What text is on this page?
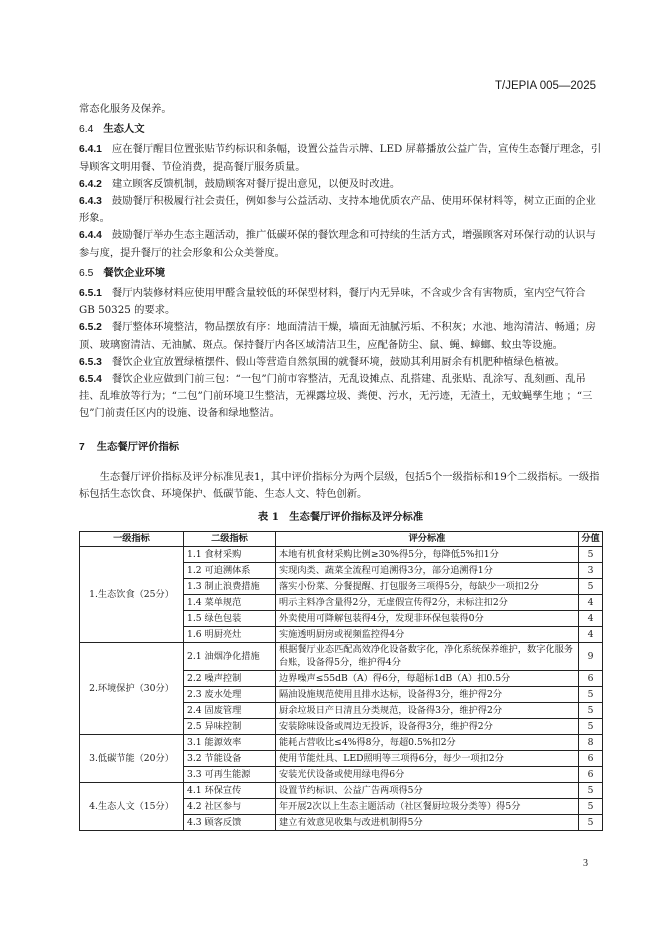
T/JEPIA 005—2025

常态化服务及保养。

6.4 生态人文

6.4.1 应在餐厅醒目位置张贴节约标识和条幅，设置公益告示牌、LED 屏幕播放公益广告，宣传生态餐厅理念，引导顾客文明用餐、节俭消费，提高餐厅服务质量。

6.4.2 建立顾客反馈机制，鼓励顾客对餐厅提出意见，以便及时改进。

6.4.3 鼓励餐厅积极履行社会责任，例如参与公益活动、支持本地优质农产品、使用环保材料等，树立正面的企业形象。

6.4.4 鼓励餐厅举办生态主题活动，推广低碳环保的餐饮理念和可持续的生活方式，增强顾客对环保行动的认识与参与度，提升餐厅的社会形象和公众美誉度。

6.5 餐饮企业环境

6.5.1 餐厅内装修材料应使用甲醛含量较低的环保型材料，餐厅内无异味，不含或少含有害物质，室内空气符合 GB 50325 的要求。

6.5.2 餐厅整体环境整洁，物品摆放有序：地面清洁干燥，墙面无油腻污垢、不积灰；水池、地沟清洁、畅通；房顶、玻璃窗清洁、无油腻、斑点。保持餐厅内各区域清洁卫生，应配备防尘、鼠、蝇、蟑螂、蚊虫等设施。

6.5.3 餐饮企业宜放置绿植摆件、假山等营造自然氛围的就餐环境，鼓励其利用厨余有机肥种植绿色植被。

6.5.4 餐饮企业应做到门前三包：“一包”门前市容整洁，无乱设摊点、乱搭建、乱张贴、乱涂写、乱刻画、乱吊挂、乱堆放等行为；“二包”门前环境卫生整洁，无裸露垃圾、粪便、污水，无污迹，无渣土，无蚊蝇孳生地 ；“三包”门前责任区内的设施、设备和绿地整洁。

7 生态餐厅评价指标

生态餐厅评价指标及评分标准见表1，其中评价指标分为两个层级，包括5个一级指标和19个二级指标。一级指标包括生态饮食、环境保护、低碳节能、生态人文、特色创新。

表 1　生态餐厅评价指标及评分标准
一级指标	二级指标	评分标准	分值
1.生态饮食（25分）	1.1 食材采购	本地有机食材采购比例≥30%得5分，每降低5%扣1分	5
	1.2 可追溯体系	实现肉类、蔬菜全流程可追溯得3分，部分追溯得1分	3
	1.3 制止浪费措施	落实小份菜、分餐提醒、打包服务三项得5分，每缺少一项扣2分	5
	1.4 菜单规范	明示主料净含量得2分，无虚假宣传得2分，未标注扣2分	4
	1.5 绿色包装	外卖使用可降解包装得4分，发现非环保包装得0分	4
	1.6 明厨亮灶	实施透明厨房或视频监控得4分	4
2.环境保护（30分）	2.1 油烟净化措施	根据餐厅业态匹配高效净化设备数字化，净化系统保养维护，数字化服务台账，设备得5分，维护得4分	9
	2.2 噪声控制	边界噪声≤55dB（A）得6分，每超标1dB（A）扣0.5分	6
	2.3 废水处理	隔油设施规范使用且排水达标，设备得3分，维护得2分	5
	2.4 固废管理	厨余垃圾日产日清且分类规范，设备得3分，维护得2分	5
	2.5 异味控制	安装除味设备或周边无投诉，设备得3分，维护得2分	5
3.低碳节能（20分）	3.1 能源效率	能耗占营收比≤4%得8分，每超0.5%扣2分	8
	3.2 节能设备	使用节能灶具、LED照明等三项得6分，每少一项扣2分	6
	3.3 可再生能源	安装光伏设备或使用绿电得6分	6
4.生态人文（15分）	4.1 环保宣传	设置节约标识、公益广告两项得5分	5
	4.2 社区参与	年开展2次以上生态主题活动（社区餐厨垃圾分类等）得5分	5
	4.3 顾客反馈	建立有效意见收集与改进机制得5分	5
3
